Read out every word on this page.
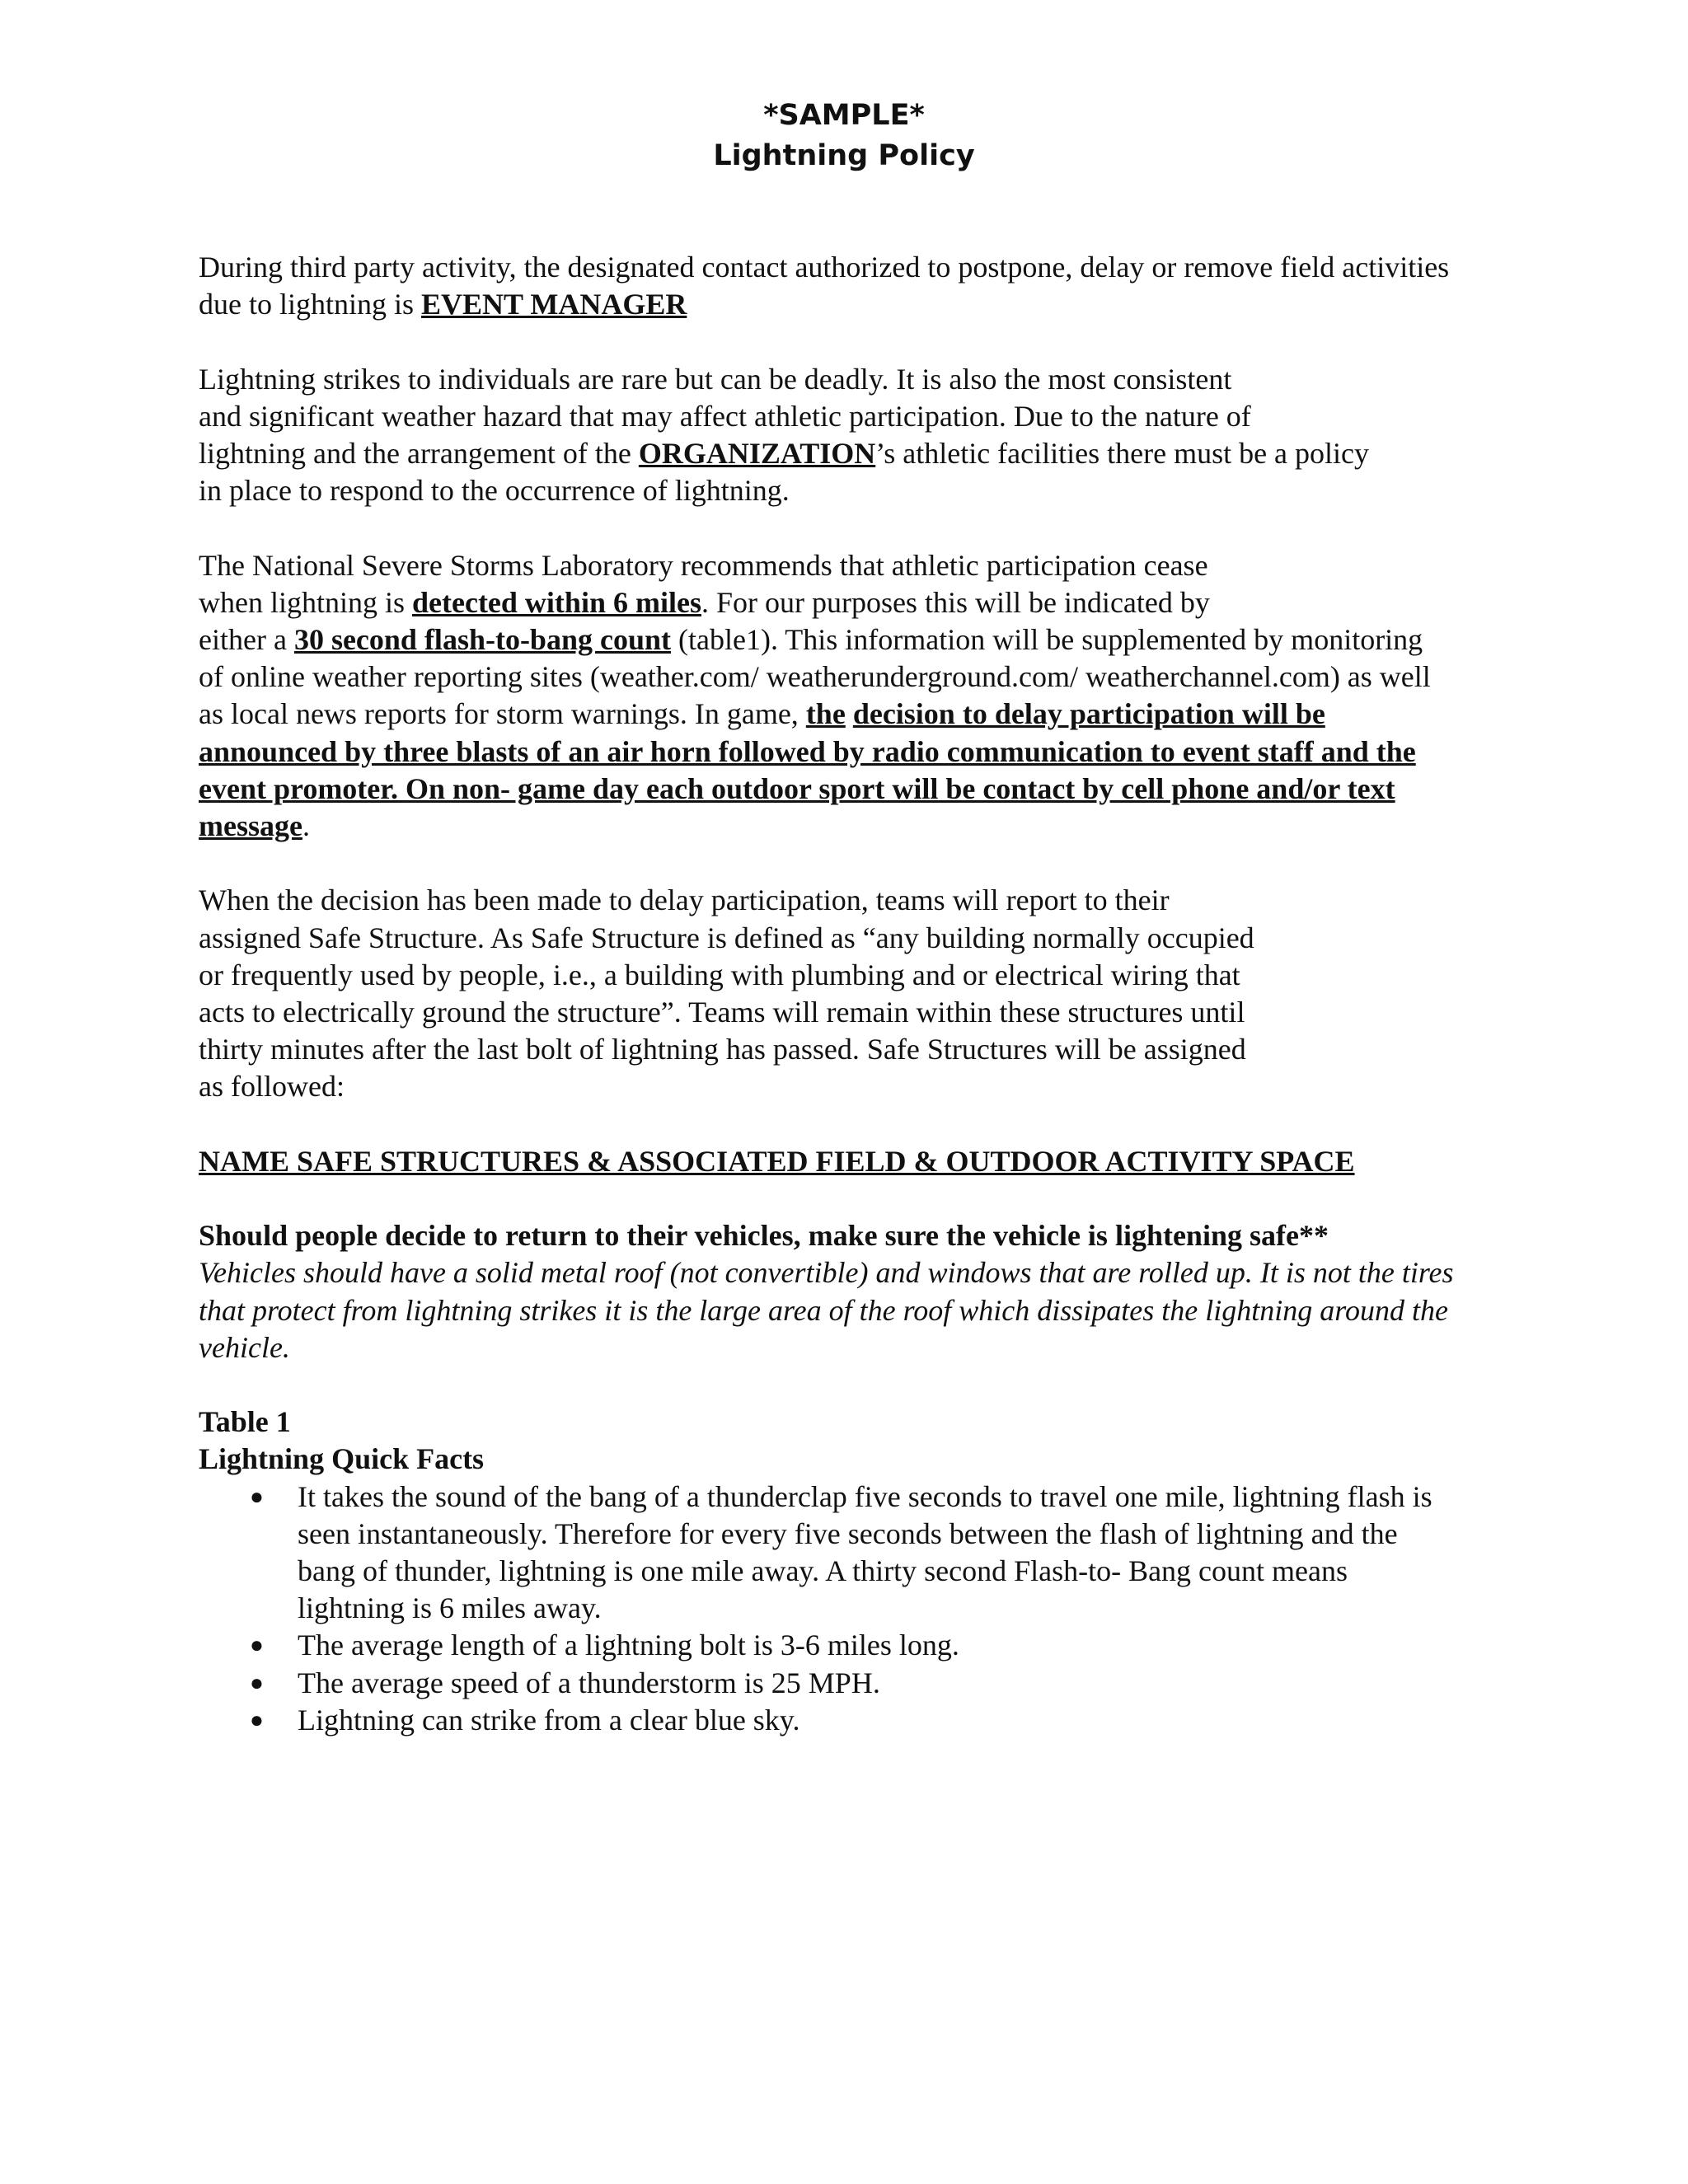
*SAMPLE*
Lightning Policy

During third party activity, the designated contact authorized to postpone, delay or remove field activities
due to lightning is EVENT MANAGER

Lightning strikes to individuals are rare but can be deadly. It is also the most consistent
and significant weather hazard that may affect athletic participation. Due to the nature of
lightning and the arrangement of the ORGANIZATION’s athletic facilities there must be a policy
in place to respond to the occurrence of lightning.

The National Severe Storms Laboratory recommends that athletic participation cease
when lightning is detected within 6 miles. For our purposes this will be indicated by
either a 30 second flash-to-bang count (table1). This information will be supplemented by monitoring
of online weather reporting sites (weather.com/ weatherunderground.com/ weatherchannel.com) as well
as local news reports for storm warnings. In game, the decision to delay participation will be
announced by three blasts of an air horn followed by radio communication to event staff and the
event promoter. On non- game day each outdoor sport will be contact by cell phone and/or text
message.

When the decision has been made to delay participation, teams will report to their
assigned Safe Structure. As Safe Structure is defined as “any building normally occupied
or frequently used by people, i.e., a building with plumbing and or electrical wiring that
acts to electrically ground the structure”. Teams will remain within these structures until
thirty minutes after the last bolt of lightning has passed. Safe Structures will be assigned
as followed:

NAME SAFE STRUCTURES & ASSOCIATED FIELD & OUTDOOR ACTIVITY SPACE

Should people decide to return to their vehicles, make sure the vehicle is lightening safe**
Vehicles should have a solid metal roof (not convertible) and windows that are rolled up. It is not the tires
that protect from lightning strikes it is the large area of the roof which dissipates the lightning around the
vehicle.

Table 1
Lightning Quick Facts

● It takes the sound of the bang of a thunderclap five seconds to travel one mile, lightning flash is
seen instantaneously. Therefore for every five seconds between the flash of lightning and the
bang of thunder, lightning is one mile away. A thirty second Flash-to- Bang count means
lightning is 6 miles away.
● The average length of a lightning bolt is 3-6 miles long.
● The average speed of a thunderstorm is 25 MPH.
● Lightning can strike from a clear blue sky.
